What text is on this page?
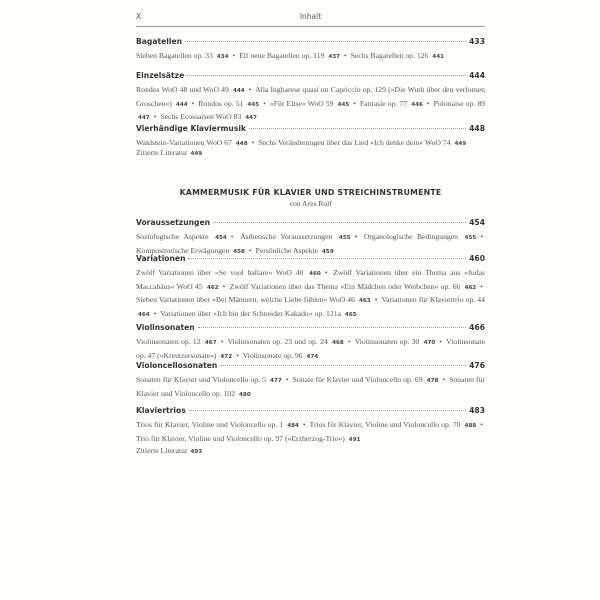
X	Inhalt
Bagatellen	433
Sieben Bagatellen op. 33 434 • Elf neue Bagatellen op. 119 437 • Sechs Bagatellen op. 126 441
Einzelsätze	444
Rondos WoO 48 und WoO 49 444 • Alla Ingharese quasi un Capriccio op. 129 (»Die Wuth über den verlornen Groschen«) 444 • Rondos op. 51 445 • »Für Elise« WoO 59 445 • Fantasie op. 77 446 • Polonaise op. 89 447 • Sechs Ecossaisen WoO 83 447
Vierhändige Klaviermusik	448
Waldstein-Variationen WoO 67 448 • Sechs Veränderungen über das Lied »Ich denke dein« WoO 74 449
Zitierte Literatur 449
KAMMERMUSIK FÜR KLAVIER UND STREICHINSTRUMENTE
von Ares Rolf
Voraussetzungen	454
Soziologische Aspekte 454 • Ästhetische Voraussetzungen 455 • Organologische Bedingungen 455 • Kompositorische Erwägungen 458 • Persönliche Aspekte 459
Variationen	460
Zwölf Variationen über »Se vuol ballare« WoO 40 460 • Zwölf Variationen über ein Thema aus »Judas Maccabäus« WoO 45 462 • Zwölf Variationen über das Thema »Ein Mädchen oder Weibchen« op. 66 462 • Sieben Variationen über »Bei Männern, welche Liebe fühlen« WoO 46 463 • Variationen für Klaviertrio op. 44 464 • Variationen über »Ich bin der Schneider Kakadu« op. 121a 465
Violinsonaten	466
Violinsonaten op. 12 467 • Violinsonaten op. 23 und op. 24 468 • Violinsonaten op. 30 470 • Violinsonate op. 47 (»Kreutzersonate«) 472 • Violinsonate op. 96 474
Violoncellosonaten	476
Sonaten für Klavier und Violoncello op. 5 477 • Sonate für Klavier und Violoncello op. 69 478 • Sonaten für Klavier und Violoncello op. 102 480
Klaviertrios	483
Trios für Klavier, Violine und Violoncello op. 1 484 • Trios für Klavier, Violine und Violoncello op. 70 488 • Trio für Klavier, Violine und Violoncello op. 97 (»Erzherzog-Trio«) 491
Zitierte Literatur 493
